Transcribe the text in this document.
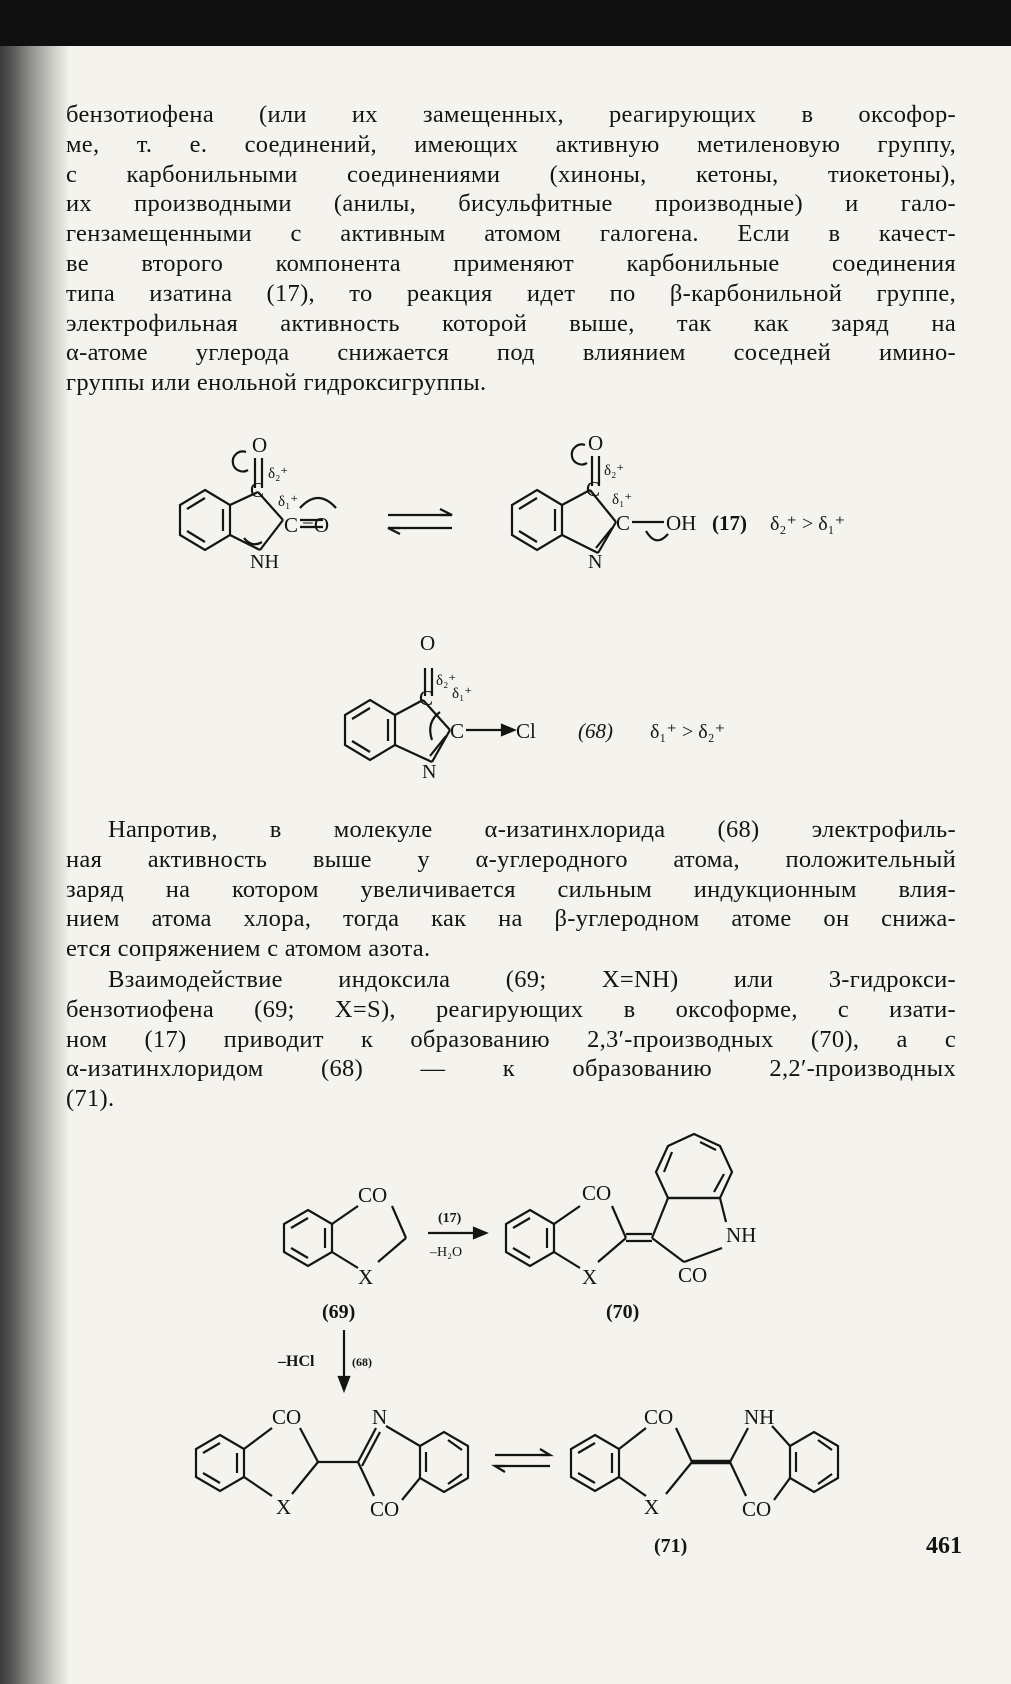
бензотиофена (или их замещенных, реагирующих в оксофор-
ме, т. е. соединений, имеющих активную метиленовую группу,
с карбонильными соединениями (хиноны, кетоны, тиокетоны),
их производными (анилы, бисульфитные производные) и гало-
гензамещенными с активным атомом галогена. Если в качест-
ве второго компонента применяют карбонильные соединения
типа изатина (17), то реакция идет по β-карбонильной группе,
электрофильная активность которой выше, так как заряд на
α-атоме углерода снижается под влиянием соседней имино-
группы или енольной гидроксигруппы.
Напротив, в молекуле α-изатинхлорида (68) электрофиль-
ная активность выше у α-углеродного атома, положительный
заряд на котором увеличивается сильным индукционным влия-
нием атома хлора, тогда как на β-углеродном атоме он снижа-
ется сопряжением с атомом азота.
Взаимодействие индоксила (69; X=NH) или 3-гидрокси-
бензотиофена (69; X=S), реагирующих в оксоформе, с изати-
ном (17) приводит к образованию 2,3′-производных (70), а с
α-изатинхлоридом (68) — к образованию 2,2′-производных
(71).
O
C
δ₂⁺
δ₁⁺
C =O
NH
O
C
δ₂⁺
δ₁⁺
C OH
N
(17) δ₂⁺ > δ₁⁺
O
C
δ₂⁺
δ₁⁺
C Cl
N
(68) δ₁⁺ > δ₂⁺
CO
X
(69)
(17)
–H₂O
CO
X
NH
CO
(70)
–HCl	(68)
CO	N
X	CO
CO	NH
X	CO
(71)	461
